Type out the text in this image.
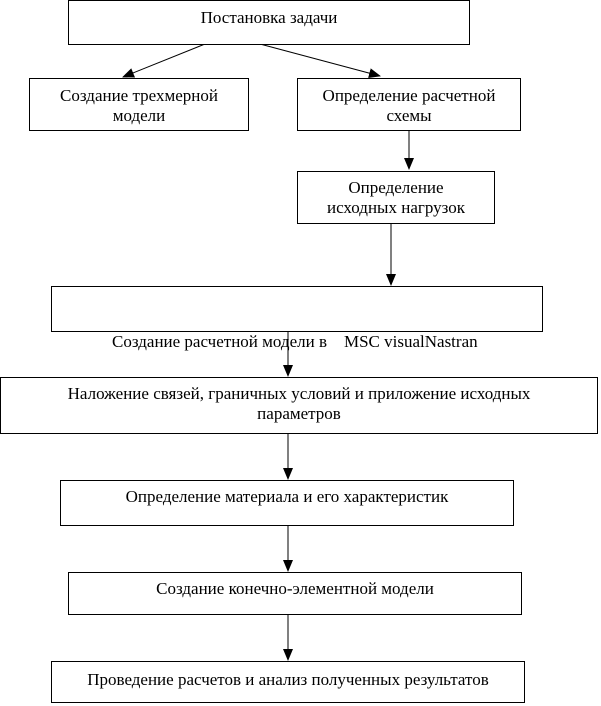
Постановка задачи
Создание трехмерной
модели
Определение расчетной
схемы
Определение
исходных нагрузок

Создание расчетной модели в    MSC visualNastran

Наложение связей, граничных условий и приложение исходных
параметров
Определение материала и его характеристик
Создание конечно-элементной модели
Проведение расчетов и анализ полученных результатов
